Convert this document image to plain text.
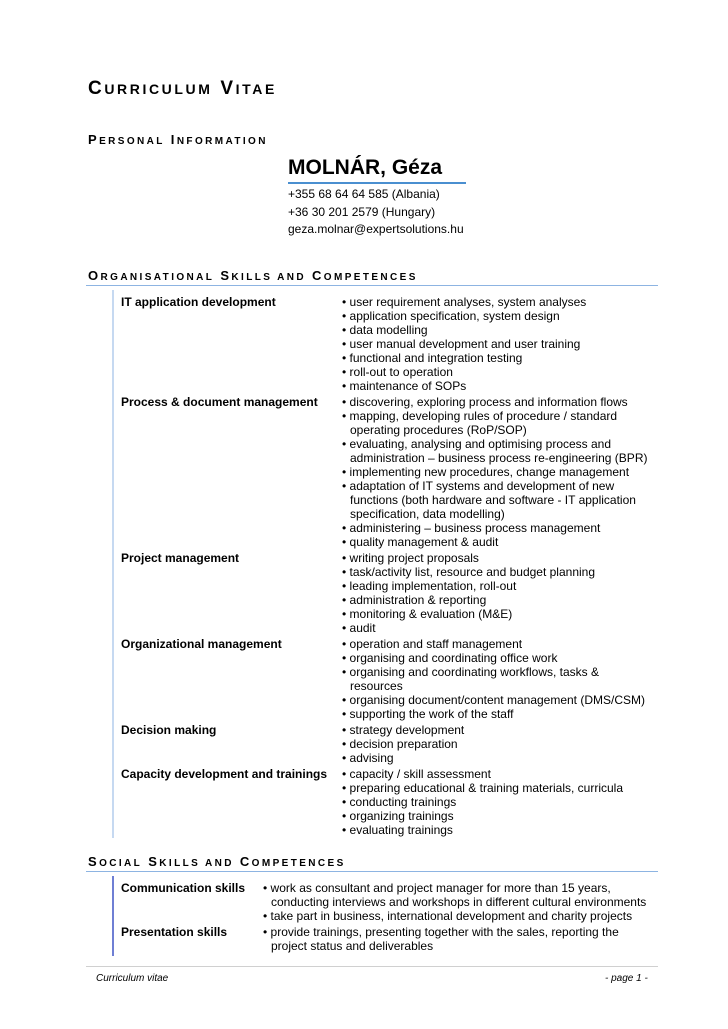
CURRICULUM VITAE
PERSONAL INFORMATION
MOLNÁR, Géza
+355 68 64 64 585 (Albania)
+36 30 201 2579 (Hungary)
geza.molnar@expertsolutions.hu
ORGANISATIONAL SKILLS AND COMPETENCES
IT application development
Process & document management
Project management
Organizational management
Decision making
Capacity development and trainings
• user requirement analyses, system analyses
• application specification, system design
• data modelling
• user manual development and user training
• functional and integration testing
• roll-out to operation
• maintenance of SOPs
• discovering, exploring process and information flows
• mapping, developing rules of procedure / standard
operating procedures (RoP/SOP)
• evaluating, analysing and optimising process and
administration – business process re-engineering (BPR)
• implementing new procedures, change management
• adaptation of IT systems and development of new
functions (both hardware and software - IT application
specification, data modelling)
• administering – business process management
• quality management & audit
• writing project proposals
• task/activity list, resource and budget planning
• leading implementation, roll-out
• administration & reporting
• monitoring & evaluation (M&E)
• audit
• operation and staff management
• organising and coordinating office work
• organising and coordinating workflows, tasks &
resources
• organising document/content management (DMS/CSM)
• supporting the work of the staff
• strategy development
• decision preparation
• advising
• capacity / skill assessment
• preparing educational & training materials, curricula
• conducting trainings
• organizing trainings
• evaluating trainings
SOCIAL SKILLS AND COMPETENCES
Communication skills
Presentation skills
• work as consultant and project manager for more than 15 years,
conducting interviews and workshops in different cultural environments
• take part in business, international development and charity projects
• provide trainings, presenting together with the sales, reporting the
project status and deliverables
Curriculum vitae	- page 1 -
